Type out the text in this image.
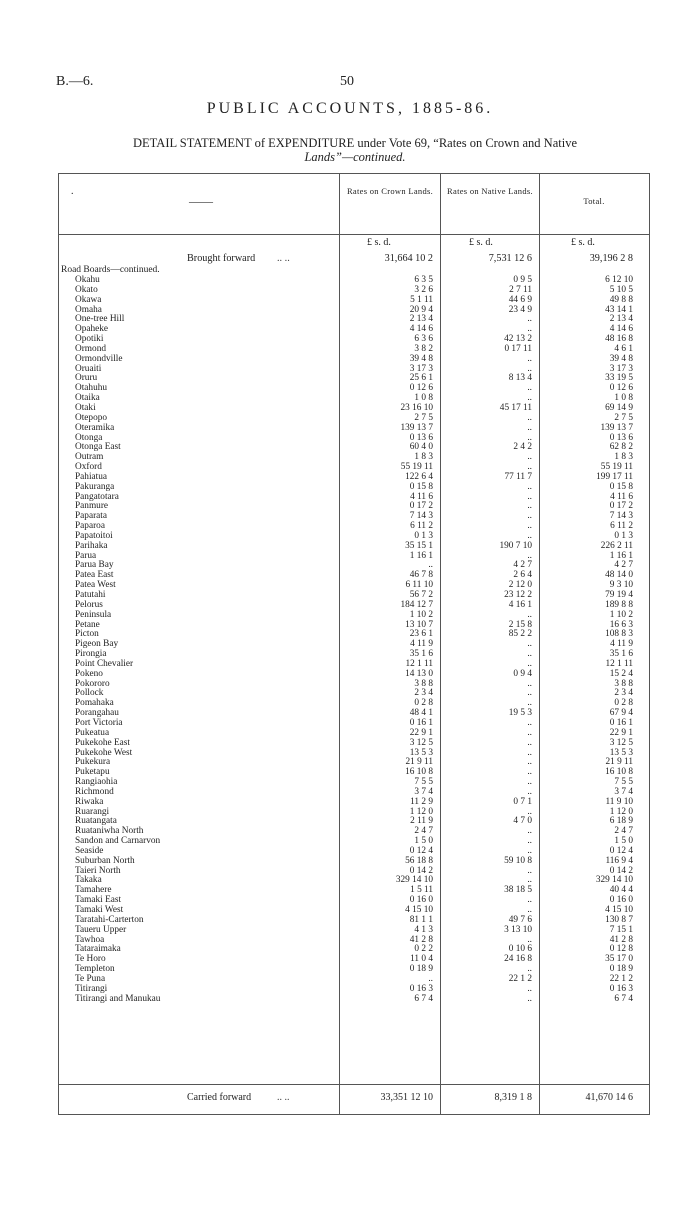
B.—6.	50
PUBLIC ACCOUNTS, 1885-86.
DETAIL STATEMENT of EXPENDITURE under Vote 69, “Rates on Crown and Native
Lands”—continued.
.
——
Rates on Crown Lands.	Rates on Native Lands.
Total.
£ s. d.	£ s. d.	£ s. d.
Brought forward .. ..	31,664 10 2	7,531 12 6	39,196 2 8
Road Boards—continued.
Okahu	6 3 5	0 9 5	6 12 10
Okato	3 2 6	2 7 11	5 10 5
Okawa	5 1 11	44 6 9	49 8 8
Omaha	20 9 4	23 4 9	43 14 1
One-tree Hill	2 13 4	..	2 13 4
Opaheke	4 14 6	..	4 14 6
Opotiki	6 3 6	42 13 2	48 16 8
Ormond	3 8 2	0 17 11	4 6 1
Ormondville	39 4 8	..	39 4 8
Oruaiti	3 17 3	..	3 17 3
Oruru	25 6 1	8 13 4	33 19 5
Otahuhu	0 12 6	..	0 12 6
Otaika	1 0 8	..	1 0 8
Otaki	23 16 10	45 17 11	69 14 9
Otepopo	2 7 5	..	2 7 5
Oteramika	139 13 7	..	139 13 7
Otonga	0 13 6	..	0 13 6
Otonga East	60 4 0	2 4 2	62 8 2
Outram	1 8 3	..	1 8 3
Oxford	55 19 11	..	55 19 11
Pahiatua	122 6 4	77 11 7	199 17 11
Pakuranga	0 15 8	..	0 15 8
Pangatotara	4 11 6	..	4 11 6
Panmure	0 17 2	..	0 17 2
Paparata	7 14 3	..	7 14 3
Paparoa	6 11 2	..	6 11 2
Papatoitoi	0 1 3	..	0 1 3
Parihaka	35 15 1	190 7 10	226 2 11
Parua	1 16 1	..	1 16 1
Parua Bay	..	4 2 7	4 2 7
Patea East	46 7 8	2 6 4	48 14 0
Patea West	6 11 10	2 12 0	9 3 10
Patutahi	56 7 2	23 12 2	79 19 4
Pelorus	184 12 7	4 16 1	189 8 8
Peninsula	1 10 2	..	1 10 2
Petane	13 10 7	2 15 8	16 6 3
Picton	23 6 1	85 2 2	108 8 3
Pigeon Bay	4 11 9	..	4 11 9
Pirongia	35 1 6	..	35 1 6
Point Chevalier	12 1 11	..	12 1 11
Pokeno	14 13 0	0 9 4	15 2 4
Pokororo	3 8 8	..	3 8 8
Pollock	2 3 4	..	2 3 4
Pomahaka	0 2 8	..	0 2 8
Porangahau	48 4 1	19 5 3	67 9 4
Port Victoria	0 16 1	..	0 16 1
Pukeatua	22 9 1	..	22 9 1
Pukekohe East	3 12 5	..	3 12 5
Pukekohe West	13 5 3	..	13 5 3
Pukekura	21 9 11	..	21 9 11
Puketapu	16 10 8	..	16 10 8
Rangiaohia	7 5 5	..	7 5 5
Richmond	3 7 4	..	3 7 4
Riwaka	11 2 9	0 7 1	11 9 10
Ruarangi	1 12 0	..	1 12 0
Ruatangata	2 11 9	4 7 0	6 18 9
Ruataniwha North	2 4 7	..	2 4 7
Sandon and Carnarvon	1 5 0	..	1 5 0
Seaside	0 12 4	..	0 12 4
Suburban North	56 18 8	59 10 8	116 9 4
Taieri North	0 14 2	..	0 14 2
Takaka	329 14 10	..	329 14 10
Tamahere	1 5 11	38 18 5	40 4 4
Tamaki East	0 16 0	..	0 16 0
Tamaki West	4 15 10	..	4 15 10
Taratahi-Carterton	81 1 1	49 7 6	130 8 7
Taueru Upper	4 1 3	3 13 10	7 15 1
Tawhoa	41 2 8	..	41 2 8
Tataraimaka	0 2 2	0 10 6	0 12 8
Te Horo	11 0 4	24 16 8	35 17 0
Templeton	0 18 9	..	0 18 9
Te Puna	..	22 1 2	22 1 2
Titirangi	0 16 3	..	0 16 3
Titirangi and Manukau	6 7 4	..	6 7 4
Carried forward	.. ..	33,351 12 10	8,319 1 8	41,670 14 6
